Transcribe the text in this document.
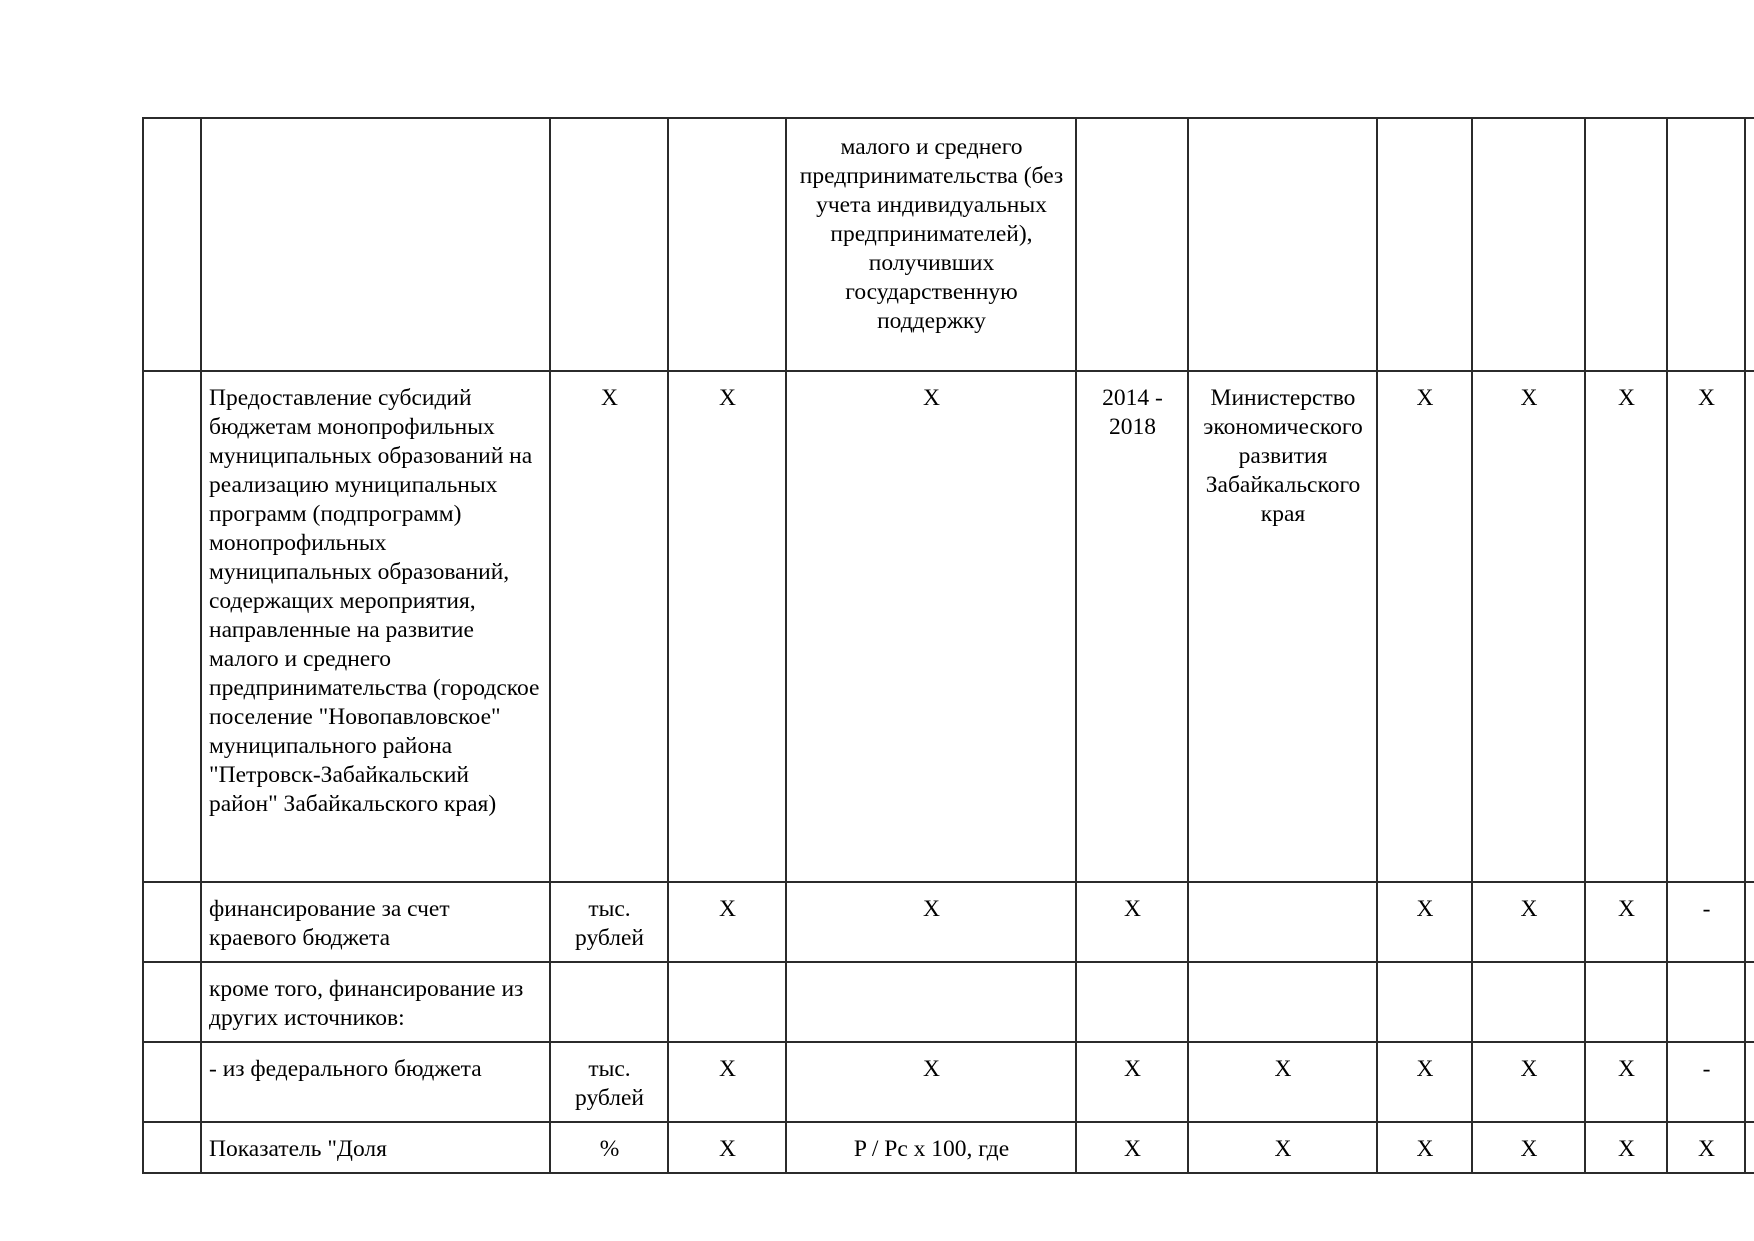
				малого и среднего предпринимательства (без учета индивидуальных предпринимателей), получивших государственную поддержку							
	Предоставление субсидий бюджетам монопрофильных муниципальных образований на реализацию муниципальных программ (подпрограмм) монопрофильных муниципальных образований, содержащих мероприятия, направленные на развитие малого и среднего предпринимательства (городское поселение "Новопавловское" муниципального района "Петровск-Забайкальский район" Забайкальского края)	X	X	X	2014 - 2018	Министерство экономического развития Забайкальского края	X	X	X	X	
	финансирование за счет краевого бюджета	тыс. рублей	X	X	X		X	X	X	-	
	кроме того, финансирование из других источников:										
	- из федерального бюджета	тыс. рублей	X	X	X	X	X	X	X	-	
	Показатель "Доля	%	X	P / Pc x 100, где	X	X	X	X	X	X	
